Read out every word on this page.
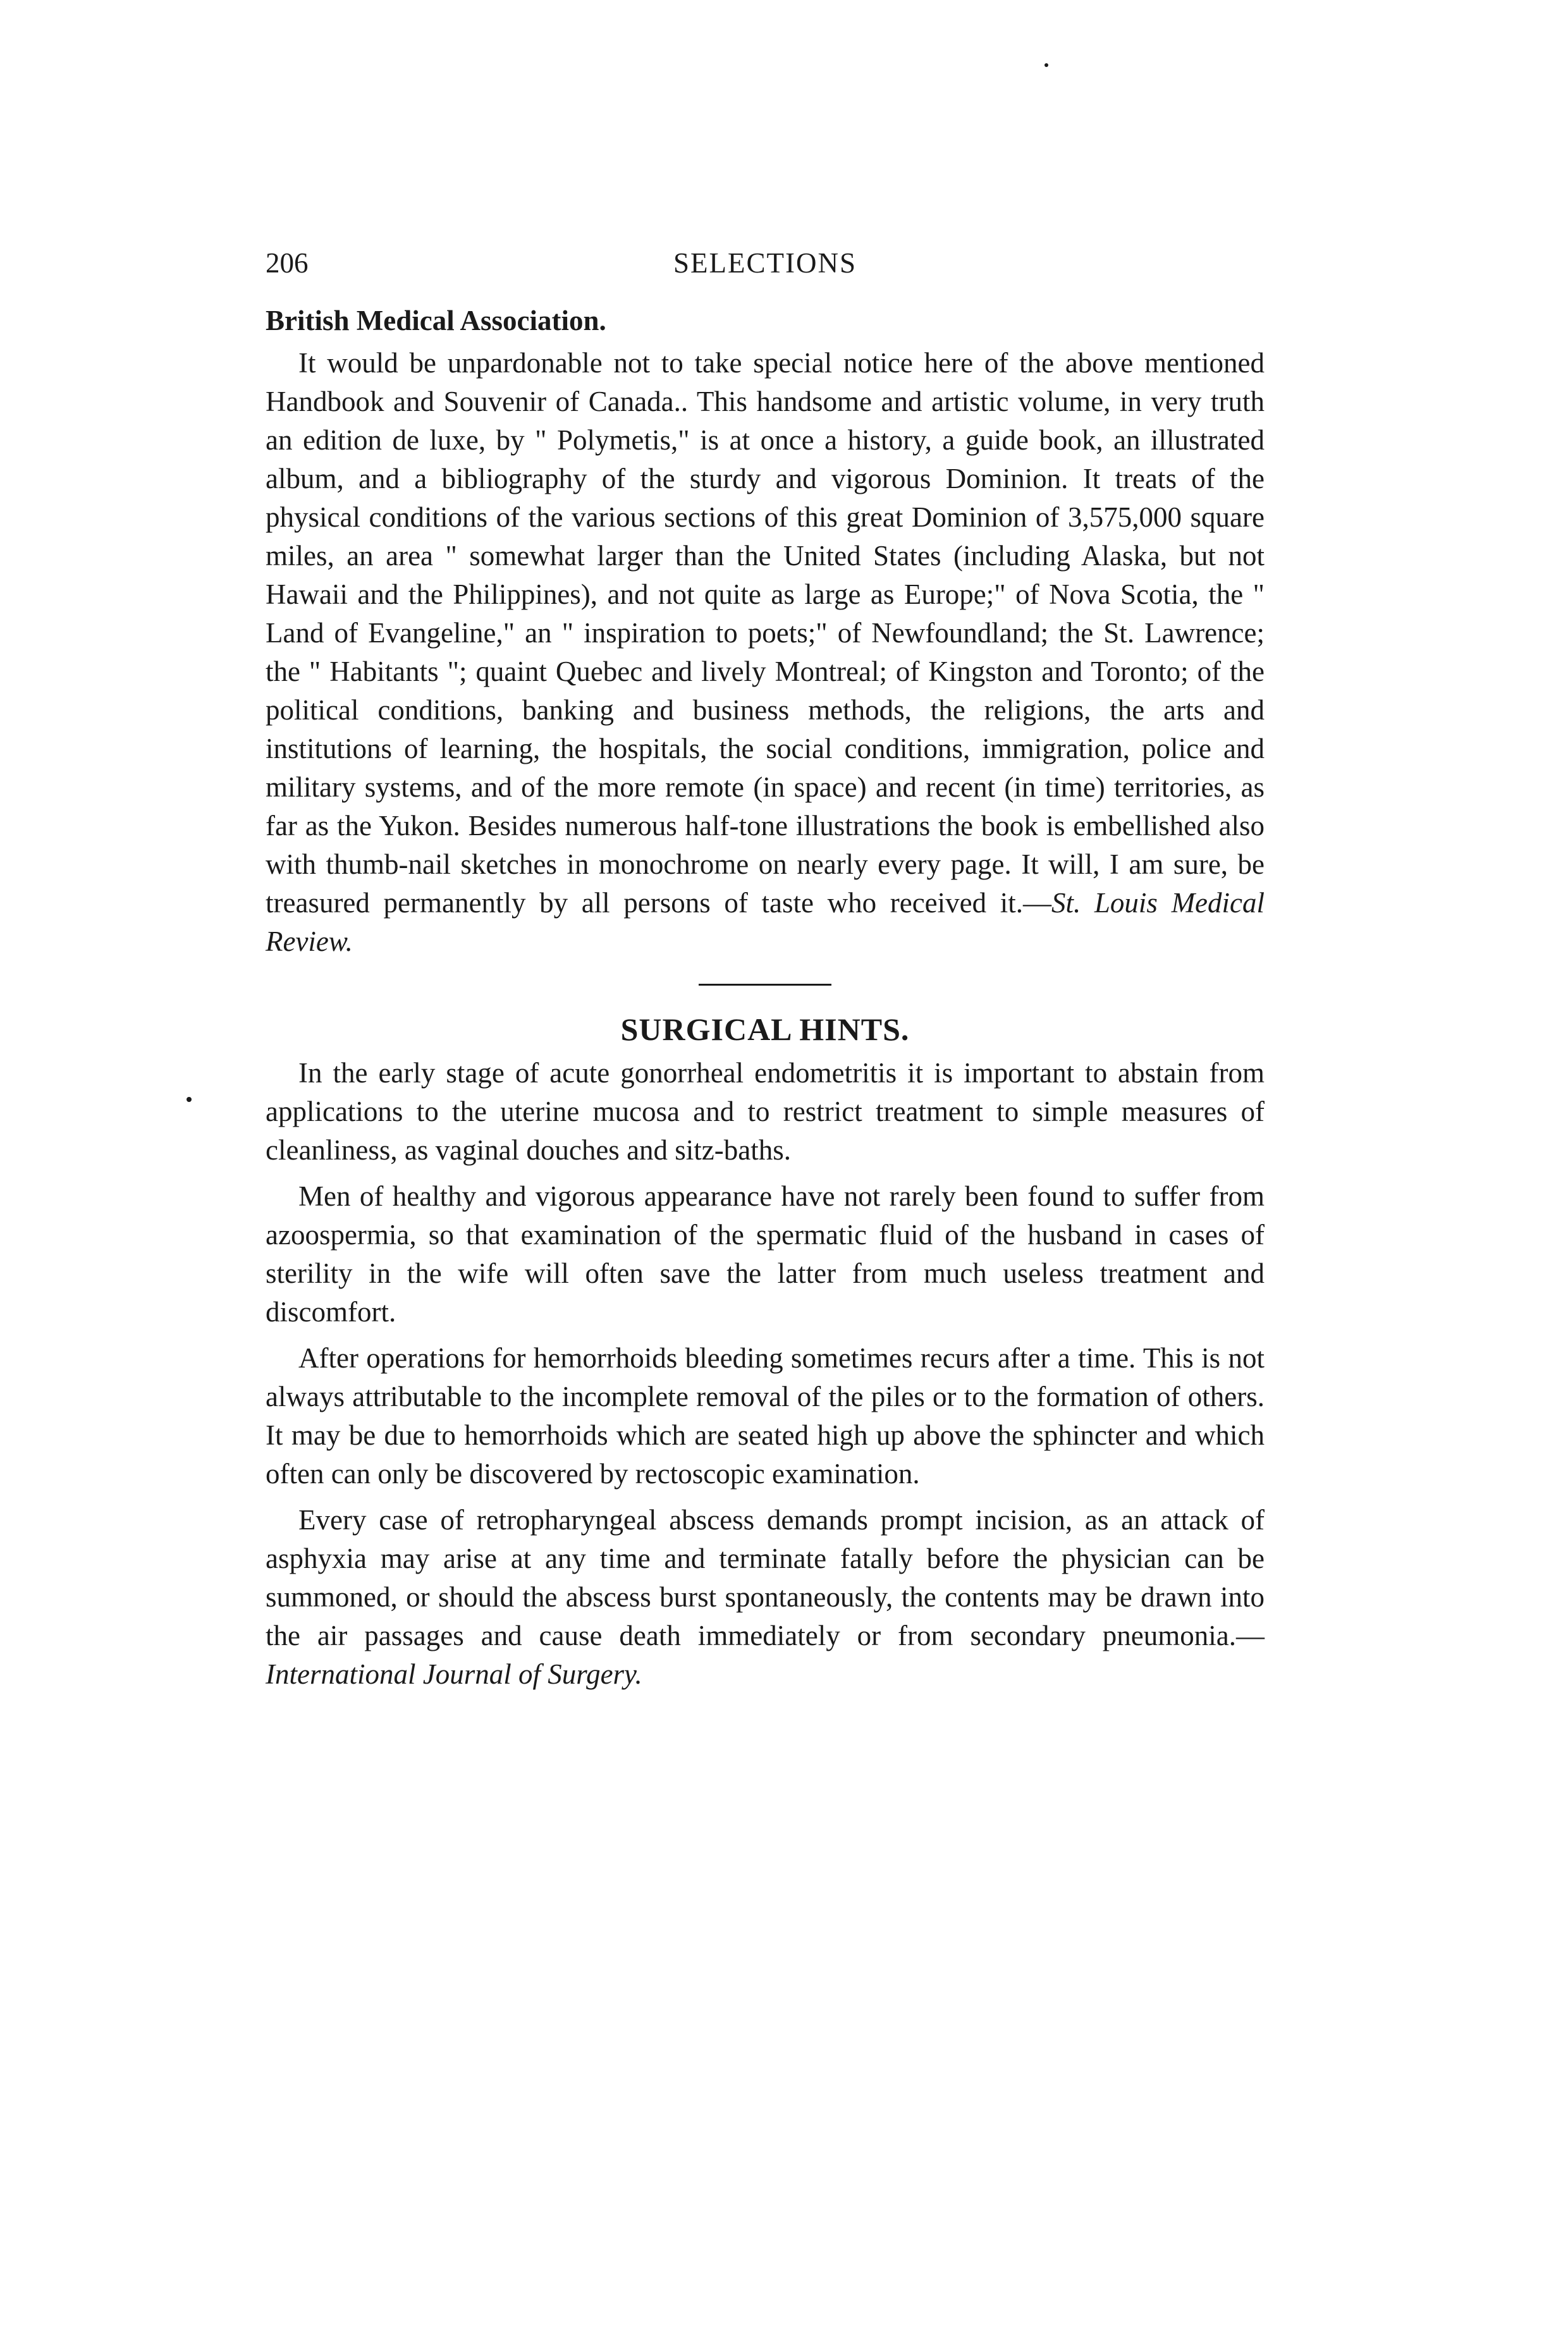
206	SELECTIONS
British Medical Association.

It would be unpardonable not to take special notice here of the above mentioned Handbook and Souvenir of Canada.. This handsome and artistic volume, in very truth an edition de luxe, by " Polymetis," is at once a history, a guide book, an illustrated album, and a bibliography of the sturdy and vigorous Dominion. It treats of the physical conditions of the various sections of this great Dominion of 3,575,000 square miles, an area " somewhat larger than the United States (including Alaska, but not Hawaii and the Philippines), and not quite as large as Europe;" of Nova Scotia, the " Land of Evangeline," an " inspiration to poets;" of Newfoundland; the St. Lawrence; the " Habitants "; quaint Quebec and lively Montreal; of Kingston and Toronto; of the political conditions, banking and business methods, the religions, the arts and institutions of learning, the hospitals, the social conditions, immigration, police and military systems, and of the more remote (in space) and recent (in time) territories, as far as the Yukon. Besides numerous half-tone illustrations the book is embellished also with thumb-nail sketches in monochrome on nearly every page. It will, I am sure, be treasured permanently by all persons of taste who received it.—St. Louis Medical Review.

SURGICAL HINTS.

In the early stage of acute gonorrheal endometritis it is important to abstain from applications to the uterine mucosa and to restrict treatment to simple measures of cleanliness, as vaginal douches and sitz-baths.

Men of healthy and vigorous appearance have not rarely been found to suffer from azoospermia, so that examination of the spermatic fluid of the husband in cases of sterility in the wife will often save the latter from much useless treatment and discomfort.

After operations for hemorrhoids bleeding sometimes recurs after a time. This is not always attributable to the incomplete removal of the piles or to the formation of others. It may be due to hemorrhoids which are seated high up above the sphincter and which often can only be discovered by rectoscopic examination.

Every case of retropharyngeal abscess demands prompt incision, as an attack of asphyxia may arise at any time and terminate fatally before the physician can be summoned, or should the abscess burst spontaneously, the contents may be drawn into the air passages and cause death immediately or from secondary pneumonia.—International Journal of Surgery.
